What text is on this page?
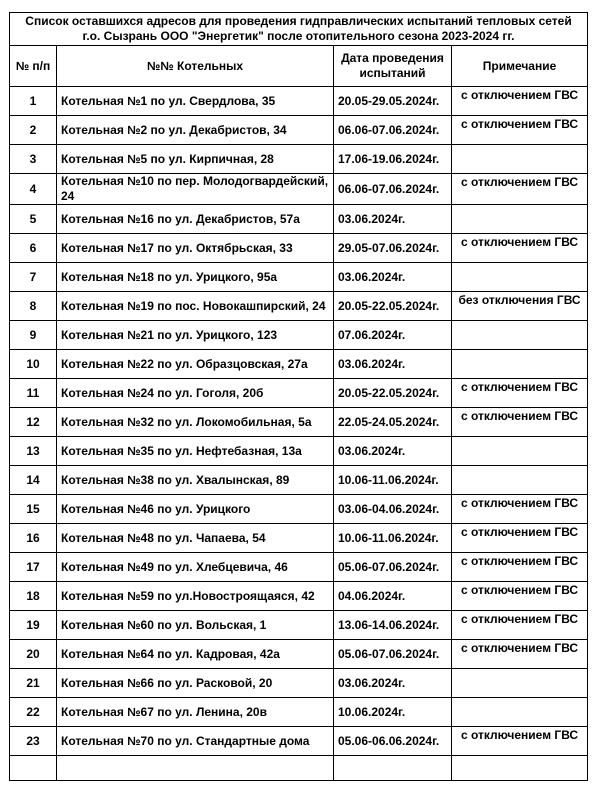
Список оставшихся адресов для проведения гидправлических испытаний тепловых сетей г.о. Сызрань ООО "Энергетик" после отопительного сезона 2023-2024 гг.			
№ п/п	№№ Котельных	Дата проведения испытаний	Примечание
1	Котельная №1 по ул. Свердлова, 35	20.05-29.05.2024г.	с отключением ГВС
2	Котельная №2 по ул. Декабристов, 34	06.06-07.06.2024г.	с отключением ГВС
3	Котельная №5 по ул. Кирпичная, 28	17.06-19.06.2024г.	
4	Котельная №10 по пер. Молодогвардейский, 24	06.06-07.06.2024г.	с отключением ГВС
5	Котельная №16 по ул. Декабристов, 57а	03.06.2024г.	
6	Котельная №17 по ул. Октябрьская, 33	29.05-07.06.2024г.	с отключением ГВС
7	Котельная №18 по ул. Урицкого, 95а	03.06.2024г.	
8	Котельная №19 по пос. Новокашпирский, 24	20.05-22.05.2024г.	без отключения ГВС
9	Котельная №21 по ул. Урицкого, 123	07.06.2024г.	
10	Котельная №22 по ул. Образцовская, 27а	03.06.2024г.	
11	Котельная №24 по ул. Гоголя, 20б	20.05-22.05.2024г.	с отключением ГВС
12	Котельная №32 по ул. Локомобильная, 5а	22.05-24.05.2024г.	с отключением ГВС
13	Котельная №35 по ул. Нефтебазная, 13а	03.06.2024г.	
14	Котельная №38 по ул. Хвалынская, 89	10.06-11.06.2024г.	
15	Котельная №46 по ул. Урицкого	03.06-04.06.2024г.	с отключением ГВС
16	Котельная №48 по ул. Чапаева, 54	10.06-11.06.2024г.	с отключением ГВС
17	Котельная №49 по ул. Хлебцевича, 46	05.06-07.06.2024г.	с отключением ГВС
18	Котельная №59 по ул.Новостроящаяся, 42	04.06.2024г.	с отключением ГВС
19	Котельная №60 по ул. Вольская, 1	13.06-14.06.2024г.	с отключением ГВС
20	Котельная №64 по ул. Кадровая, 42а	05.06-07.06.2024г.	с отключением ГВС
21	Котельная №66 по ул. Расковой, 20	03.06.2024г.	
22	Котельная №67 по ул. Ленина, 20в	10.06.2024г.	
23	Котельная №70 по ул. Стандартные дома	05.06-06.06.2024г.	с отключением ГВС
